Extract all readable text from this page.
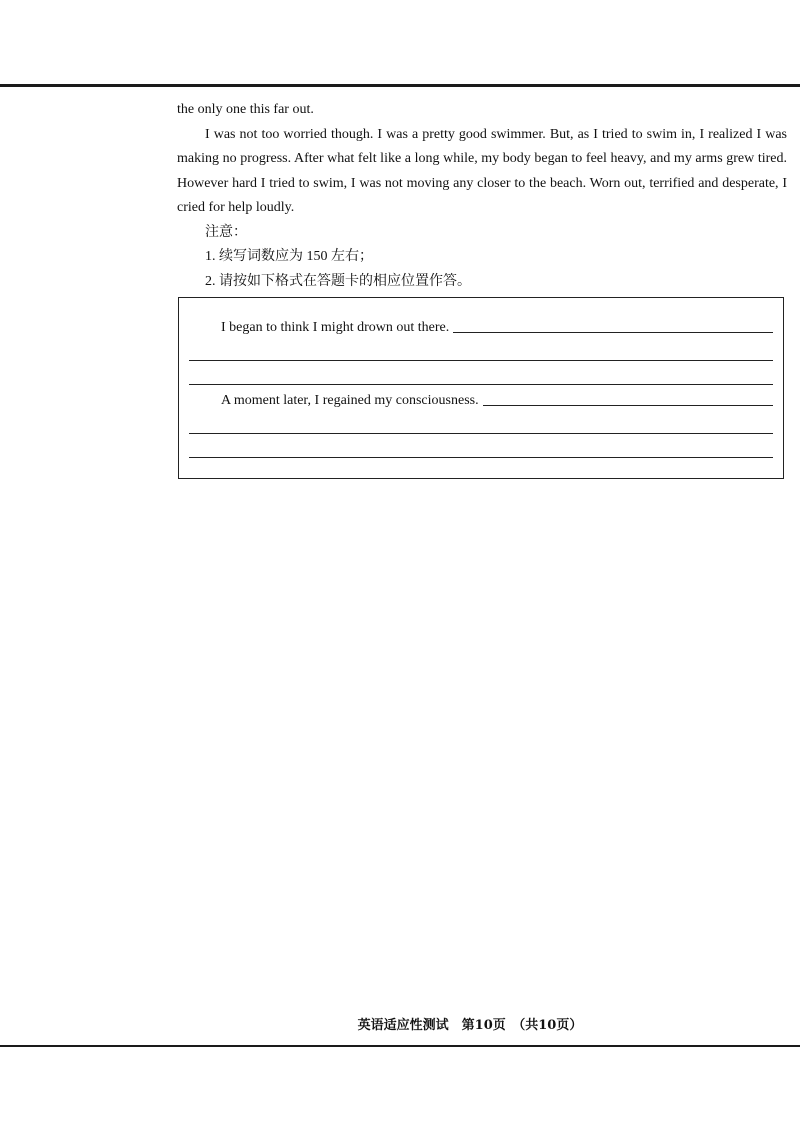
the only one this far out.

I was not too worried though. I was a pretty good swimmer. But, as I tried to swim in, I realized I was making no progress. After what felt like a long while, my body began to feel heavy, and my arms grew tired. However hard I tried to swim, I was not moving any closer to the beach. Worn out, terrified and desperate, I cried for help loudly.

注意：

1. 续写词数应为 150 左右；

2. 请按如下格式在答题卡的相应位置作答。

I began to think I might drown out there.
A moment later, I regained my consciousness.
英语适应性测试　第10页　（共10页）
